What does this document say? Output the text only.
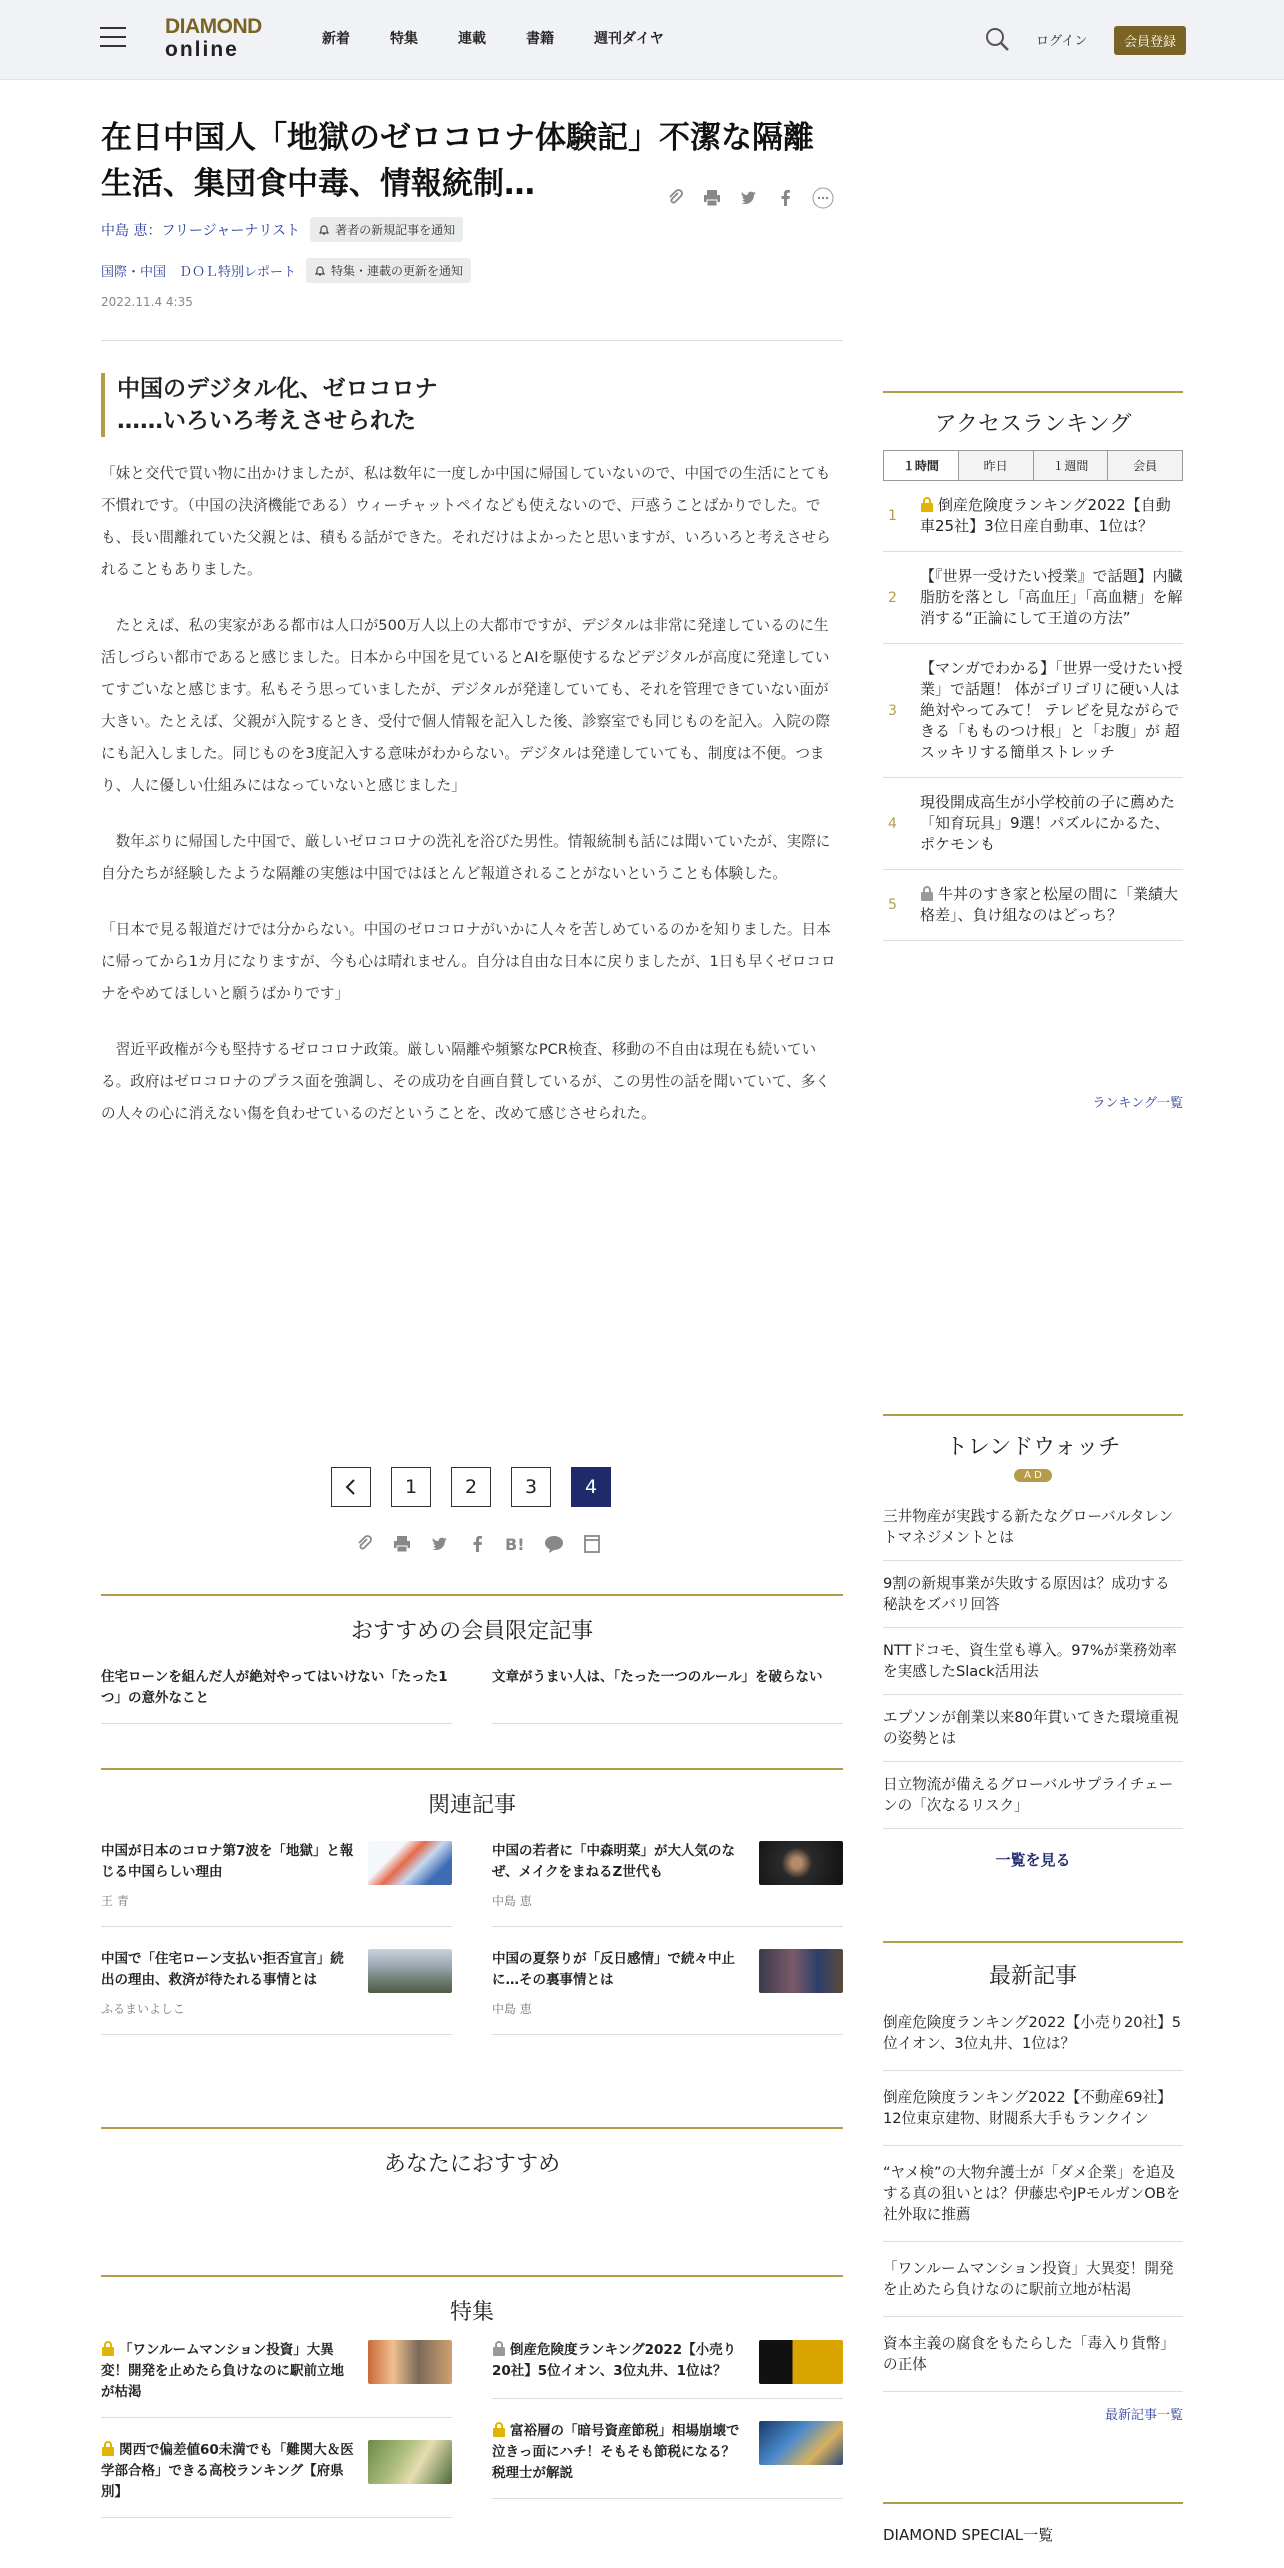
DIAMOND
online	新着	特集	連載	書籍	週刊ダイヤ	ログイン	会員登録
在日中国人「地獄のゼロコロナ体験記」不潔な隔離生活、集団食中毒、情報統制…
中島 恵：フリージャーナリスト	著者の新規記事を通知
国際・中国　ＤＯＬ特別レポート	特集・連載の更新を通知
2022.11.4 4:35
中国のデジタル化、ゼロコロナ
……いろいろ考えさせられた

「妹と交代で買い物に出かけましたが、私は数年に一度しか中国に帰国していないので、中国での生活にとても不慣れです。（中国の決済機能である）ウィーチャットペイなども使えないので、戸惑うことばかりでした。でも、長い間離れていた父親とは、積もる話ができた。それだけはよかったと思いますが、いろいろと考えさせられることもありました。

　たとえば、私の実家がある都市は人口が500万人以上の大都市ですが、デジタルは非常に発達しているのに生活しづらい都市であると感じました。日本から中国を見ているとAIを駆使するなどデジタルが高度に発達していてすごいなと感じます。私もそう思っていましたが、デジタルが発達していても、それを管理できていない面が大きい。たとえば、父親が入院するとき、受付で個人情報を記入した後、診察室でも同じものを記入。入院の際にも記入しました。同じものを3度記入する意味がわからない。デジタルは発達していても、制度は不便。つまり、人に優しい仕組みにはなっていないと感じました」

　数年ぶりに帰国した中国で、厳しいゼロコロナの洗礼を浴びた男性。情報統制も話には聞いていたが、実際に自分たちが経験したような隔離の実態は中国ではほとんど報道されることがないということも体験した。

「日本で見る報道だけでは分からない。中国のゼロコロナがいかに人々を苦しめているのかを知りました。日本に帰ってから1カ月になりますが、今も心は晴れません。自分は自由な日本に戻りましたが、1日も早くゼロコロナをやめてほしいと願うばかりです」

　習近平政権が今も堅持するゼロコロナ政策。厳しい隔離や頻繁なPCR検査、移動の不自由は現在も続いている。政府はゼロコロナのプラス面を強調し、その成功を自画自賛しているが、この男性の話を聞いていて、多くの人々の心に消えない傷を負わせているのだということを、改めて感じさせられた。

1	2	3	4
B!
おすすめの会員限定記事
住宅ローンを組んだ人が絶対やってはいけない「たった1つ」の意外なこと
文章がうまい人は、「たった一つのルール」を破らない
関連記事
中国が日本のコロナ第7波を「地獄」と報じる中国らしい理由
王 青
中国で「住宅ローン支払い拒否宣言」続出の理由、救済が待たれる事情とは
ふるまいよしこ
中国の若者に「中森明菜」が大人気のなぜ、メイクをまねるZ世代も
中島 恵
中国の夏祭りが「反日感情」で続々中止に…その裏事情とは
中島 恵
あなたにおすすめ
特集
「ワンルームマンション投資」大異変！開発を止めたら負けなのに駅前立地が枯渇
関西で偏差値60未満でも「難関大＆医学部合格」できる高校ランキング【府県別】
倒産危険度ランキング2022【小売り20社】5位イオン、3位丸井、1位は？
富裕層の「暗号資産節税」相場崩壊で泣きっ面にハチ！そもそも節税になる？税理士が解説
アクセスランキング
１時間	昨日	１週間	会員
1
倒産危険度ランキング2022【自動車25社】3位日産自動車、1位は？
2
【『世界一受けたい授業』で話題】内臓脂肪を落とし「高血圧」「高血糖」を解消する“正論にして王道の方法”
3
【マンガでわかる】「世界一受けたい授業」で話題！ 体がゴリゴリに硬い人は絶対やってみて！ テレビを見ながらできる「もものつけ根」と「お腹」が 超スッキリする簡単ストレッチ
4
現役開成高生が小学校前の子に薦めた「知育玩具」9選！パズルにかるた、ポケモンも
5
牛丼のすき家と松屋の間に「業績大格差」、負け組なのはどっち？
ランキング一覧
トレンドウォッチ
A D
三井物産が実践する新たなグローバルタレントマネジメントとは
9割の新規事業が失敗する原因は？成功する秘訣をズバリ回答
NTTドコモ、資生堂も導入。97%が業務効率を実感したSlack活用法
エプソンが創業以来80年貫いてきた環境重視の姿勢とは
日立物流が備えるグローバルサプライチェーンの「次なるリスク」
一覧を見る
最新記事
倒産危険度ランキング2022【小売り20社】5位イオン、3位丸井、1位は？
倒産危険度ランキング2022【不動産69社】12位東京建物、財閥系大手もランクイン
“ヤメ検”の大物弁護士が「ダメ企業」を追及する真の狙いとは？伊藤忠やJPモルガンOBを社外取に推薦
「ワンルームマンション投資」大異変！開発を止めたら負けなのに駅前立地が枯渇
資本主義の腐食をもたらした「毒入り貨幣」の正体
最新記事一覧
DIAMOND SPECIAL一覧
